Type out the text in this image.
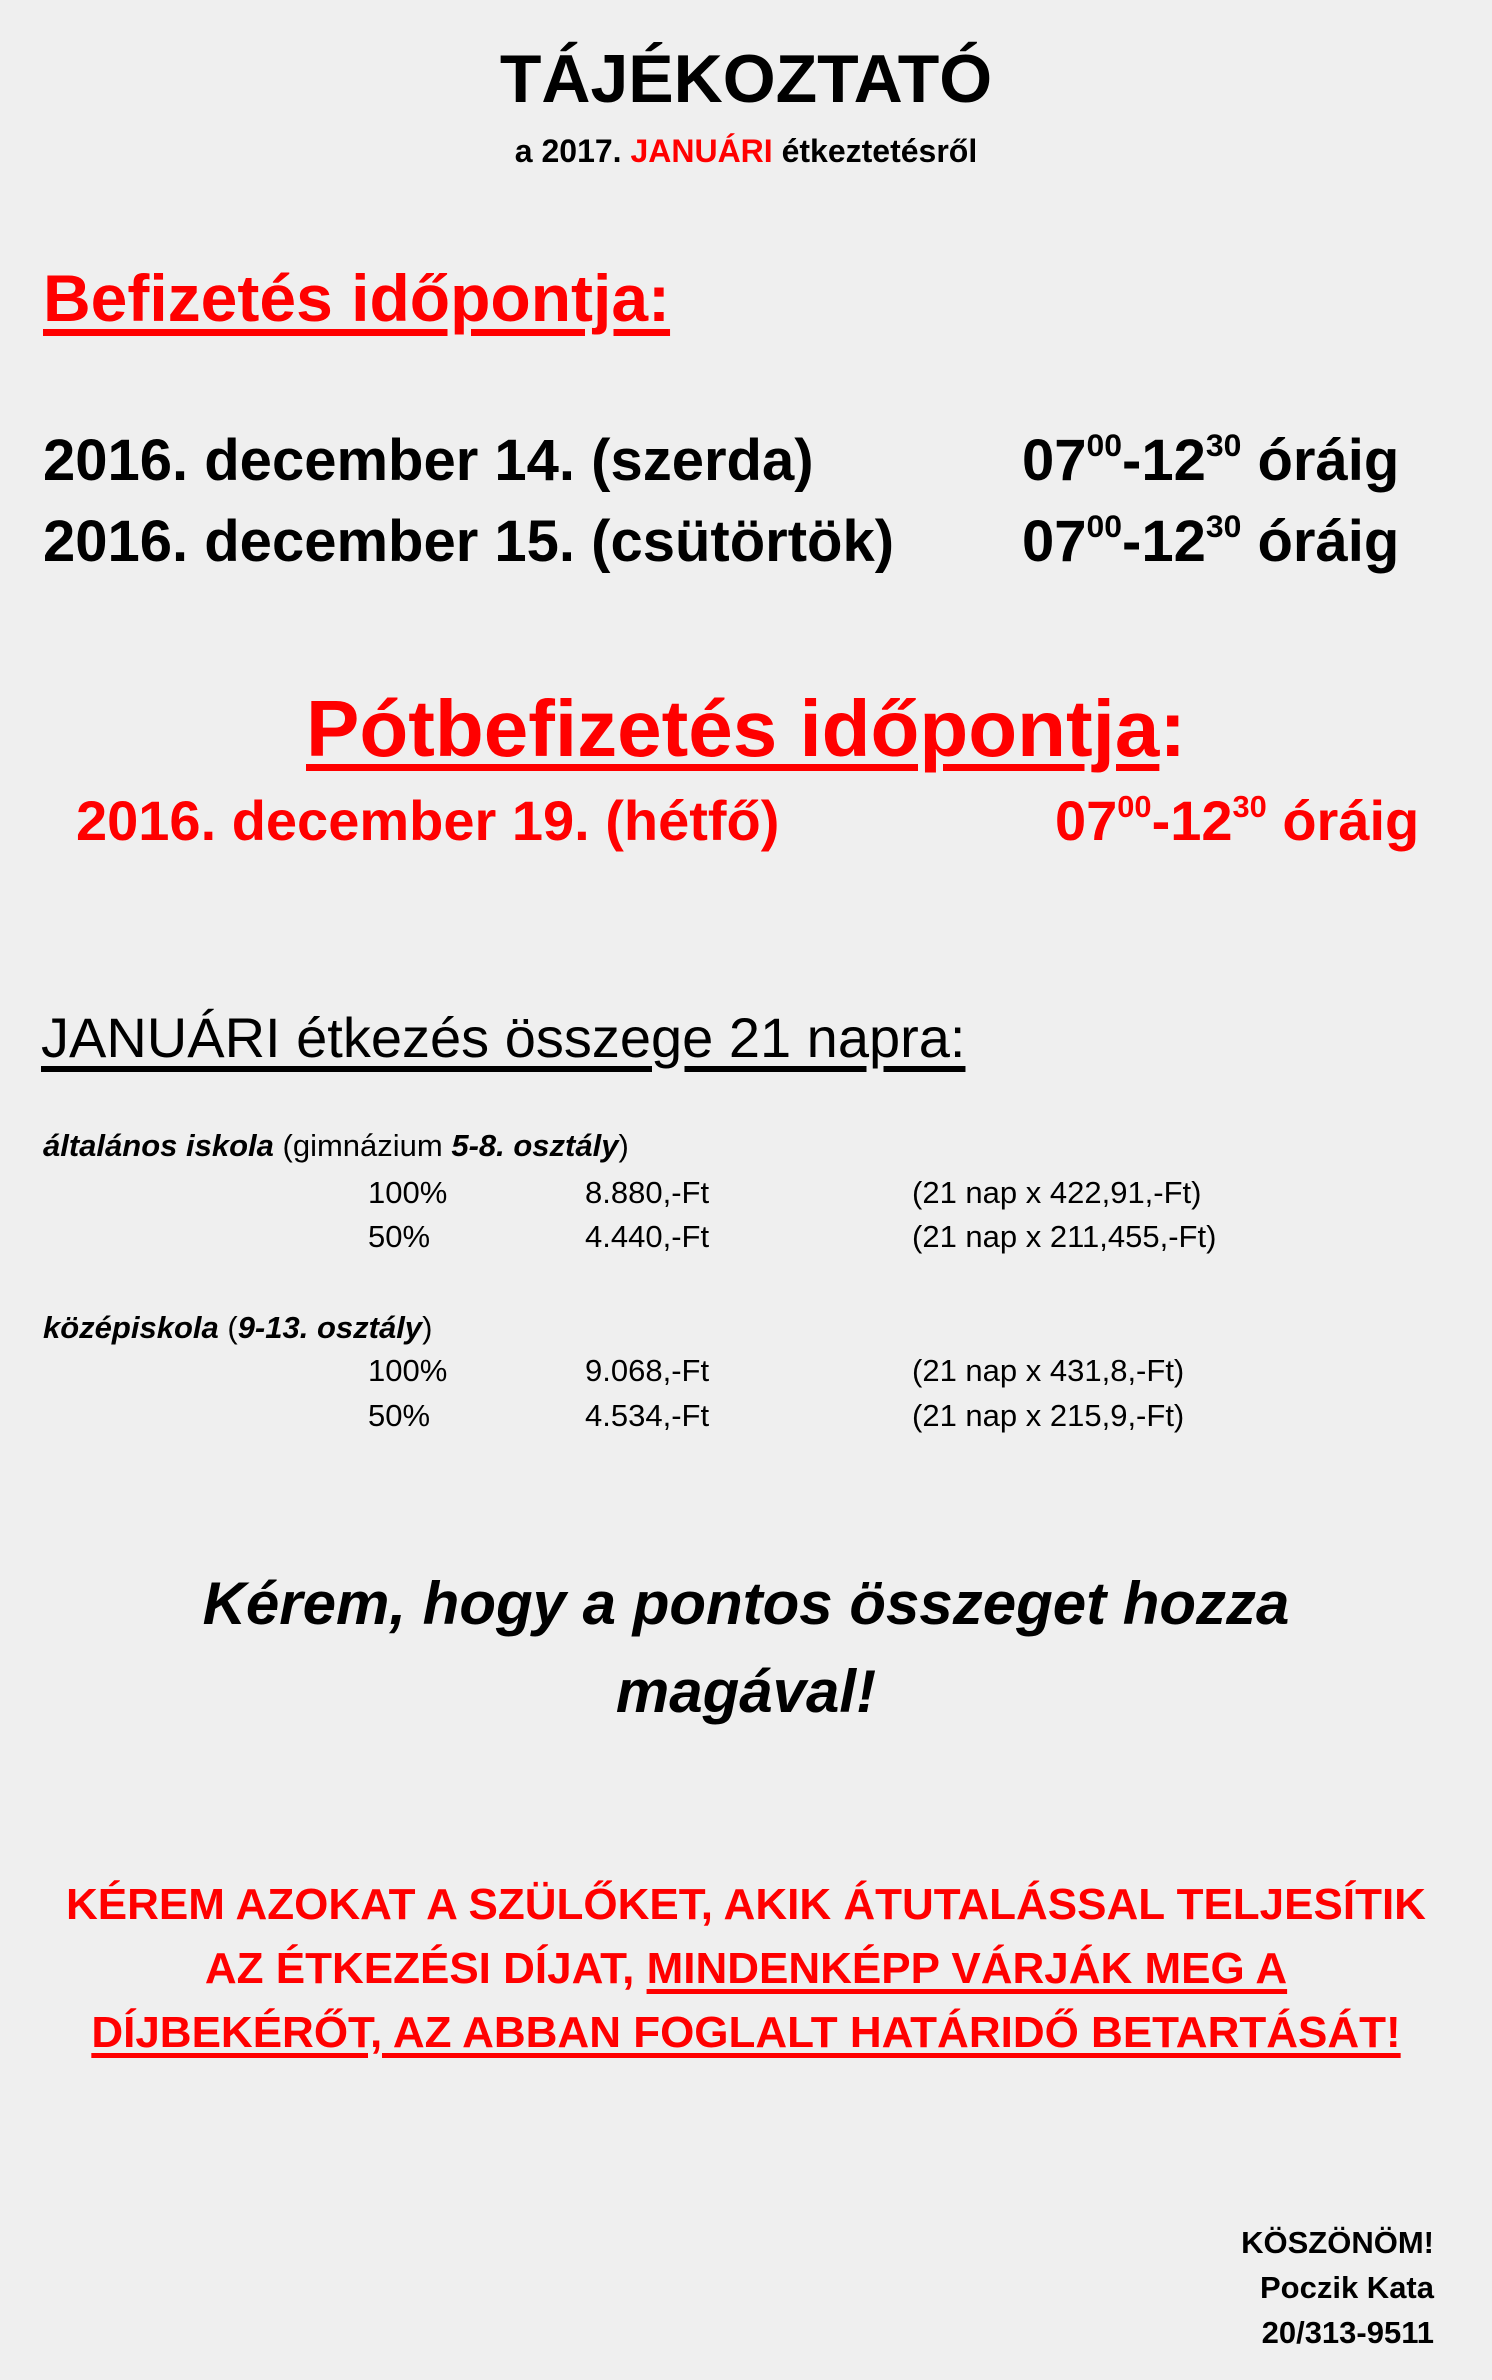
TÁJÉKOZTATÓ
a 2017. JANUÁRI étkeztetésről
Befizetés időpontja:
2016. december 14. (szerda)	$07^{00}-12^{30}$ óráig
2016. december 15. (csütörtök) $07^{00}-12^{30}$ óráig
Pótbefizetés időpontja:
2016. december 19. (hétfő)	$07^{00}-12^{30}$ óráig
JANUÁRI étkezés összege 21 napra:
általános iskola (gimnázium 5-8. osztály)
100%	8.880,-Ft	(21 nap x 422,91,-Ft)
50%	4.440,-Ft	(21 nap x 211,455,-Ft)
középiskola (9-13. osztály)
100%	9.068,-Ft	(21 nap x 431,8,-Ft)
50%	4.534,-Ft	(21 nap x 215,9,-Ft)
Kérem, hogy a pontos összeget hozza
magával!
KÉREM AZOKAT A SZÜLŐKET, AKIK ÁTUTALÁSSAL TELJESÍTIK AZ ÉTKEZÉSI DÍJAT, MINDENKÉPP VÁRJÁK MEG A DÍJBEKÉRŐT, AZ ABBAN FOGLALT HATÁRIDŐ BETARTÁSÁT!
KÖSZÖNÖM!
Poczik Kata
20/313-9511
